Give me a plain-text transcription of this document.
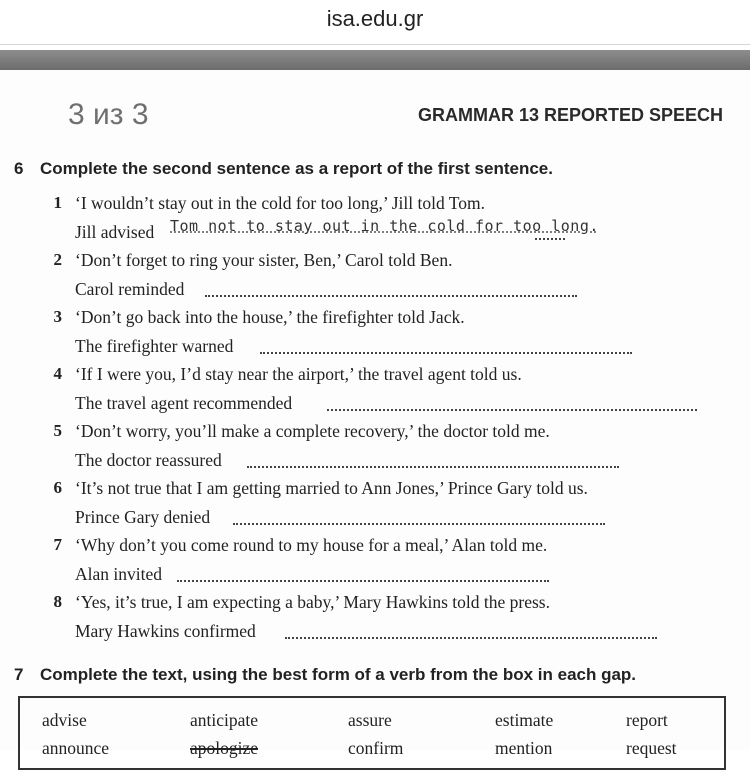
isa.edu.gr
3 из 3	GRAMMAR 13 REPORTED SPEECH
6 Complete the second sentence as a report of the first sentence.
1 ‘I wouldn’t stay out in the cold for too long,’ Jill told Tom.
Jill advised Tom not to stay out in the cold for too long.
2 ‘Don’t forget to ring your sister, Ben,’ Carol told Ben.
Carol reminded
3 ‘Don’t go back into the house,’ the firefighter told Jack.
The firefighter warned
4 ‘If I were you, I’d stay near the airport,’ the travel agent told us.
The travel agent recommended
5 ‘Don’t worry, you’ll make a complete recovery,’ the doctor told me.
The doctor reassured
6 ‘It’s not true that I am getting married to Ann Jones,’ Prince Gary told us.
Prince Gary denied
7 ‘Why don’t you come round to my house for a meal,’ Alan told me.
Alan invited
8 ‘Yes, it’s true, I am expecting a baby,’ Mary Hawkins told the press.
Mary Hawkins confirmed
7 Complete the text, using the best form of a verb from the box in each gap.
advise	anticipate	assure	estimate	report
announce	apologize	confirm	mention	request
